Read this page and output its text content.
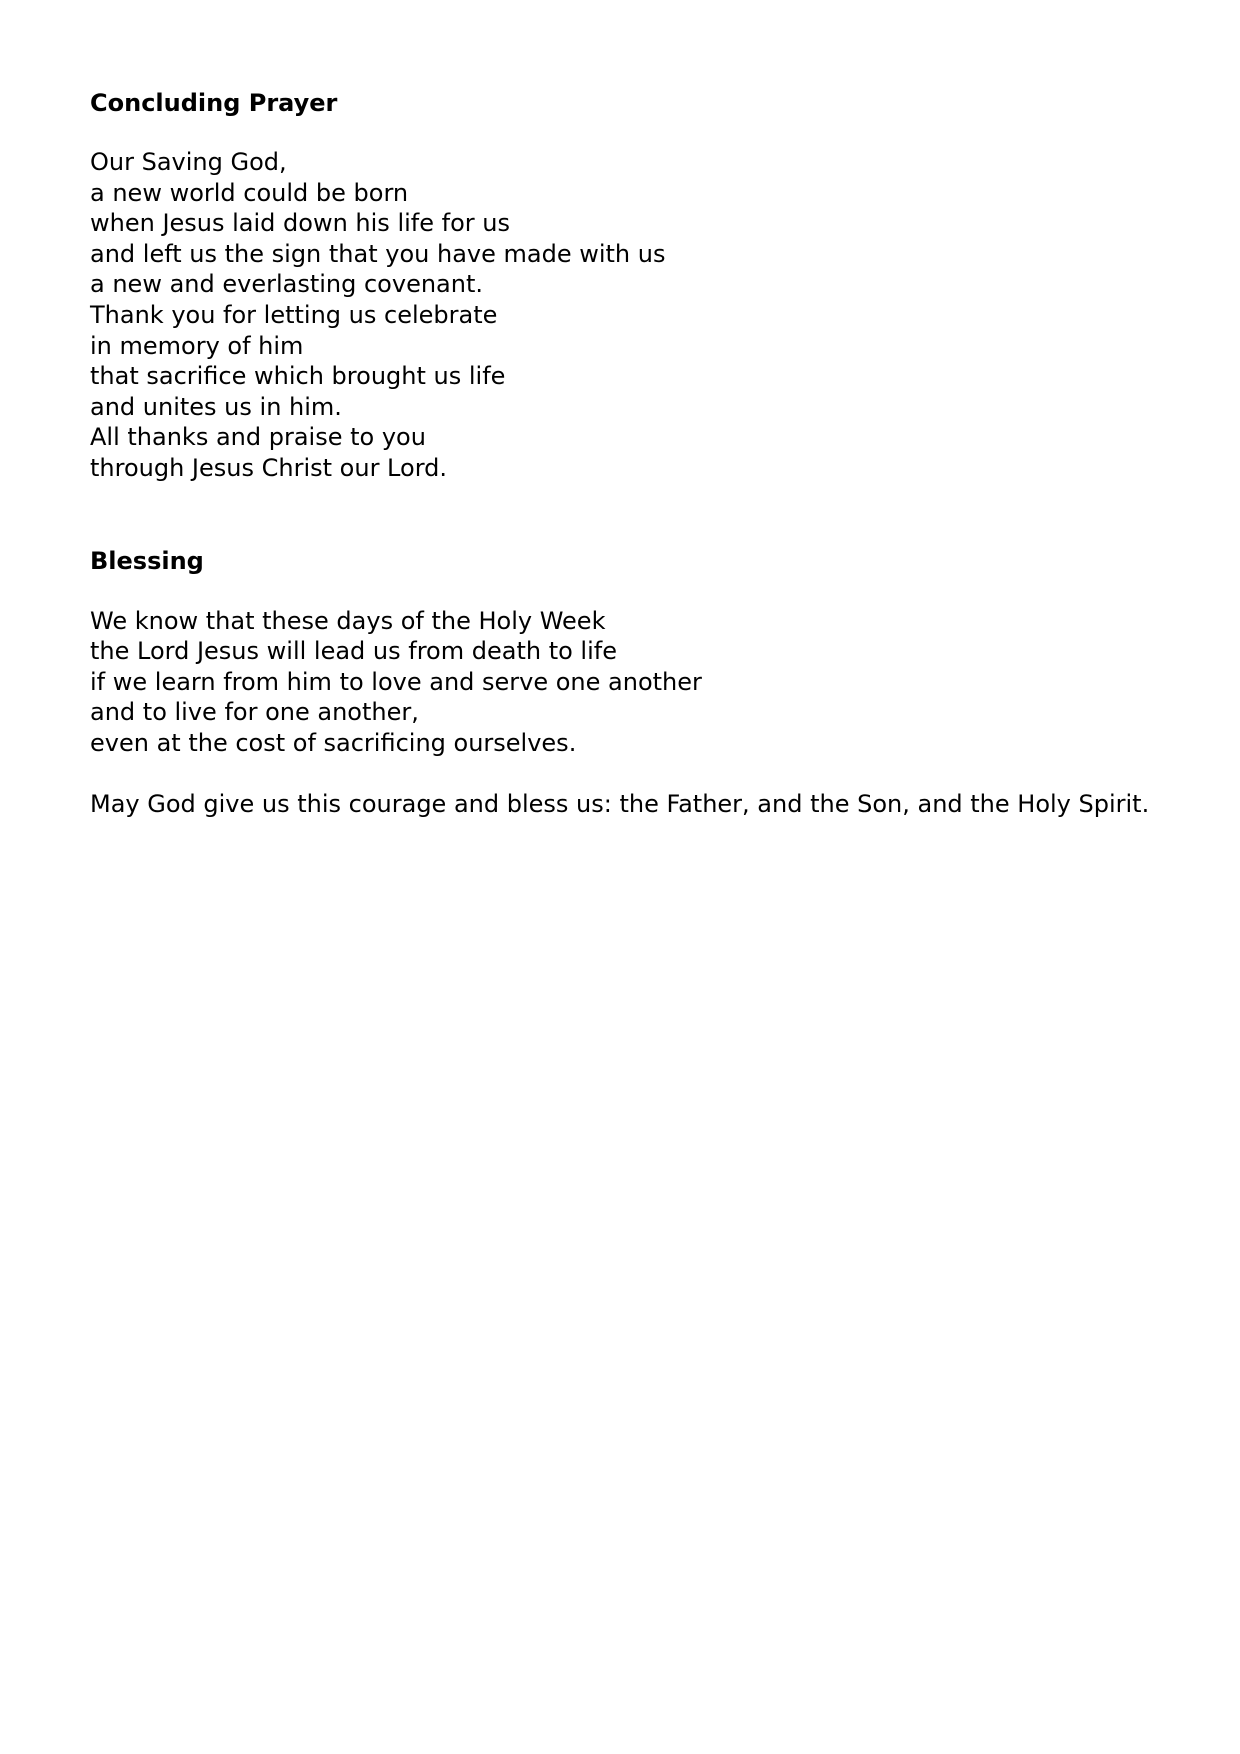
Concluding Prayer

Our Saving God,

a new world could be born

when Jesus laid down his life for us

and left us the sign that you have made with us

a new and everlasting covenant.

Thank you for letting us celebrate

in memory of him

that sacrifice which brought us life

and unites us in him.

All thanks and praise to you

through Jesus Christ our Lord.

Blessing

We know that these days of the Holy Week

the Lord Jesus will lead us from death to life

if we learn from him to love and serve one another

and to live for one another,

even at the cost of sacrificing ourselves.

May God give us this courage and bless us: the Father, and the Son, and the Holy Spirit.
